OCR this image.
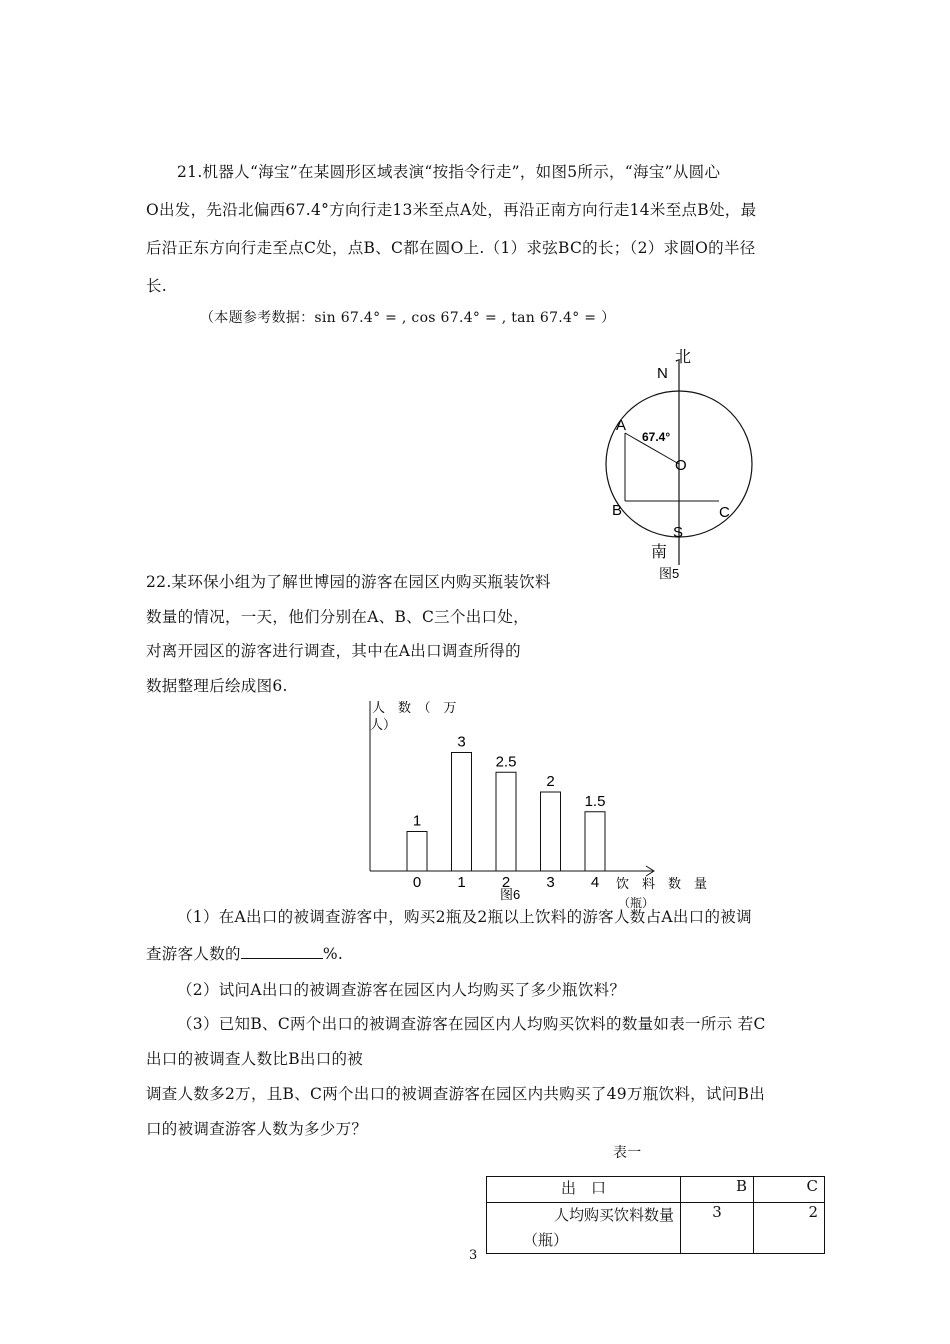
21.机器人“海宝”在某圆形区域表演“按指令行走”，如图5所示，“海宝”从圆心
O出发，先沿北偏西67.4°方向行走13米至点A处，再沿正南方向行走14米至点B处，最
后沿正东方向行走至点C处，点B、C都在圆O上.（1）求弦BC的长；（2）求圆O的半径
长.
（本题参考数据：sin 67.4° = , cos 67.4° = , tan 67.4° = ）
北
N
A
67.4°
O
B	C
S
南
图5
22.某环保小组为了解世博园的游客在园区内购买瓶装饮料
数量的情况，一天，他们分别在A、B、C三个出口处，
对离开园区的游客进行调查，其中在A出口调查所得的
数据整理后绘成图6.
人　数　（　万
人）
饮　料　数　量
（瓶）
图6
0
3
1
2.5
2
2
3
1.5
4
1
（1）在A出口的被调查游客中，购买2瓶及2瓶以上饮料的游客人数占A出口的被调
查游客人数的	%.
（2）试问A出口的被调查游客在园区内人均购买了多少瓶饮料？
（3）已知B、C两个出口的被调查游客在园区内人均购买饮料的数量如表一所示 若C
出口的被调查人数比B出口的被
调查人数多2万，且B、C两个出口的被调查游客在园区内共购买了49万瓶饮料，试问B出
口的被调查游客人数为多少万？
表一
出　口	B	C

人均购买饮料数量
（瓶）	3	2
3
